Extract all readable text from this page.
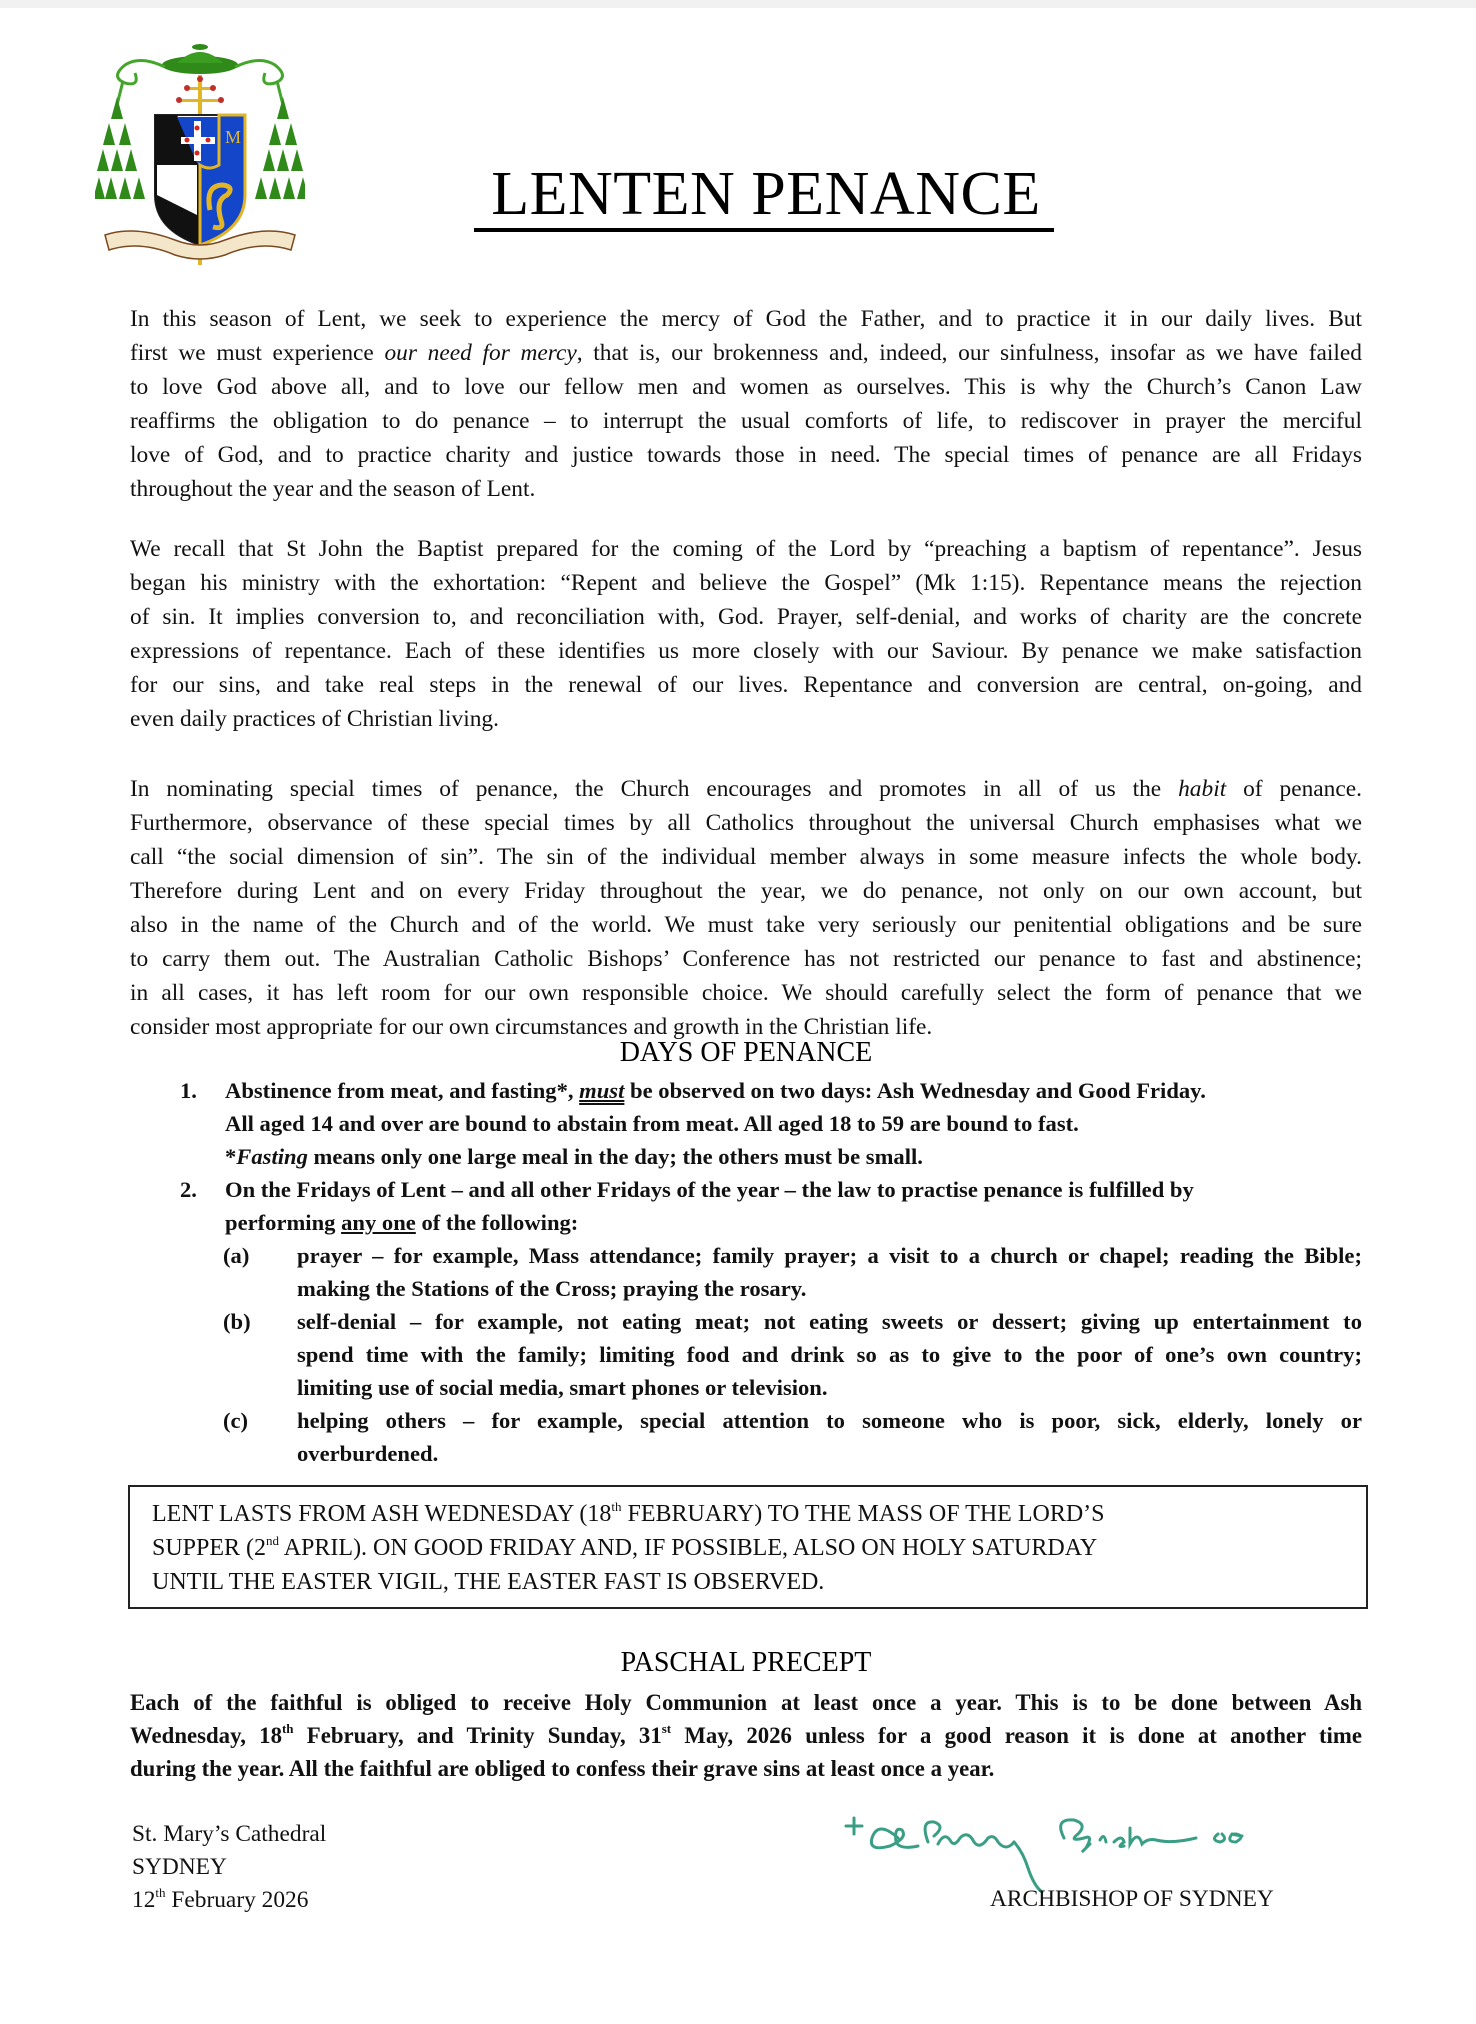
M
LENTEN PENANCE
In this season of Lent, we seek to experience the mercy of God the Father, and to practice it in our daily lives. But
first we must experience our need for mercy, that is, our brokenness and, indeed, our sinfulness, insofar as we have failed
to love God above all, and to love our fellow men and women as ourselves. This is why the Church’s Canon Law
reaffirms the obligation to do penance – to interrupt the usual comforts of life, to rediscover in prayer the merciful
love of God, and to practice charity and justice towards those in need. The special times of penance are all Fridays
throughout the year and the season of Lent.
We recall that St John the Baptist prepared for the coming of the Lord by “preaching a baptism of repentance”. Jesus
began his ministry with the exhortation: “Repent and believe the Gospel” (Mk 1:15). Repentance means the rejection
of sin. It implies conversion to, and reconciliation with, God. Prayer, self-denial, and works of charity are the concrete
expressions of repentance. Each of these identifies us more closely with our Saviour. By penance we make satisfaction
for our sins, and take real steps in the renewal of our lives. Repentance and conversion are central, on-going, and
even daily practices of Christian living.
In nominating special times of penance, the Church encourages and promotes in all of us the habit of penance.
Furthermore, observance of these special times by all Catholics throughout the universal Church emphasises what we
call “the social dimension of sin”. The sin of the individual member always in some measure infects the whole body.
Therefore during Lent and on every Friday throughout the year, we do penance, not only on our own account, but
also in the name of the Church and of the world. We must take very seriously our penitential obligations and be sure
to carry them out. The Australian Catholic Bishops’ Conference has not restricted our penance to fast and abstinence;
in all cases, it has left room for our own responsible choice. We should carefully select the form of penance that we
consider most appropriate for our own circumstances and growth in the Christian life.
DAYS OF PENANCE
1. Abstinence from meat, and fasting*, must be observed on two days: Ash Wednesday and Good Friday.
All aged 14 and over are bound to abstain from meat. All aged 18 to 59 are bound to fast.
*Fasting means only one large meal in the day; the others must be small.
2. On the Fridays of Lent – and all other Fridays of the year – the law to practise penance is fulfilled by
performing any one of the following:
(a) prayer – for example, Mass attendance; family prayer; a visit to a church or chapel; reading the Bible;
making the Stations of the Cross; praying the rosary.
(b) self-denial – for example, not eating meat; not eating sweets or dessert; giving up entertainment to
spend time with the family; limiting food and drink so as to give to the poor of one’s own country;
limiting use of social media, smart phones or television.
(c) helping others – for example, special attention to someone who is poor, sick, elderly, lonely or
overburdened.
LENT LASTS FROM ASH WEDNESDAY (18th FEBRUARY) TO THE MASS OF THE LORD’S
SUPPER (2nd APRIL). ON GOOD FRIDAY AND, IF POSSIBLE, ALSO ON HOLY SATURDAY
UNTIL THE EASTER VIGIL, THE EASTER FAST IS OBSERVED.
PASCHAL PRECEPT
Each of the faithful is obliged to receive Holy Communion at least once a year. This is to be done between Ash
Wednesday, 18th February, and Trinity Sunday, 31st May, 2026 unless for a good reason it is done at another time
during the year. All the faithful are obliged to confess their grave sins at least once a year.
St. Mary’s Cathedral
SYDNEY
12th February 2026	ARCHBISHOP OF SYDNEY
